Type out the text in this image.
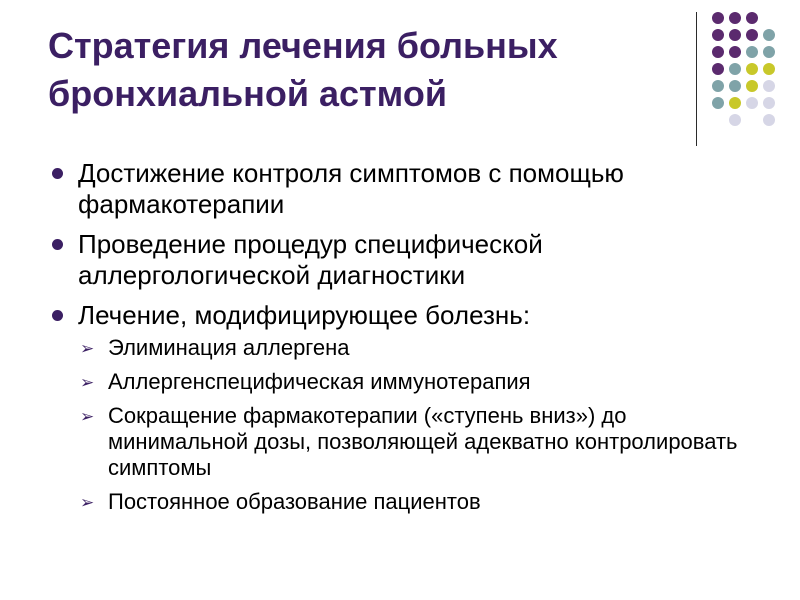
Стратегия лечения больных бронхиальной астмой
Достижение контроля симптомов с помощью фармакотерапии
Проведение процедур специфической аллергологической диагностики
Лечение, модифицирующее болезнь:
➢ Элиминация аллергена
➢ Аллергенспецифическая иммунотерапия
➢ Сокращение фармакотерапии («ступень вниз») до минимальной дозы, позволяющей адекватно контролировать симптомы
➢ Постоянное образование пациентов
